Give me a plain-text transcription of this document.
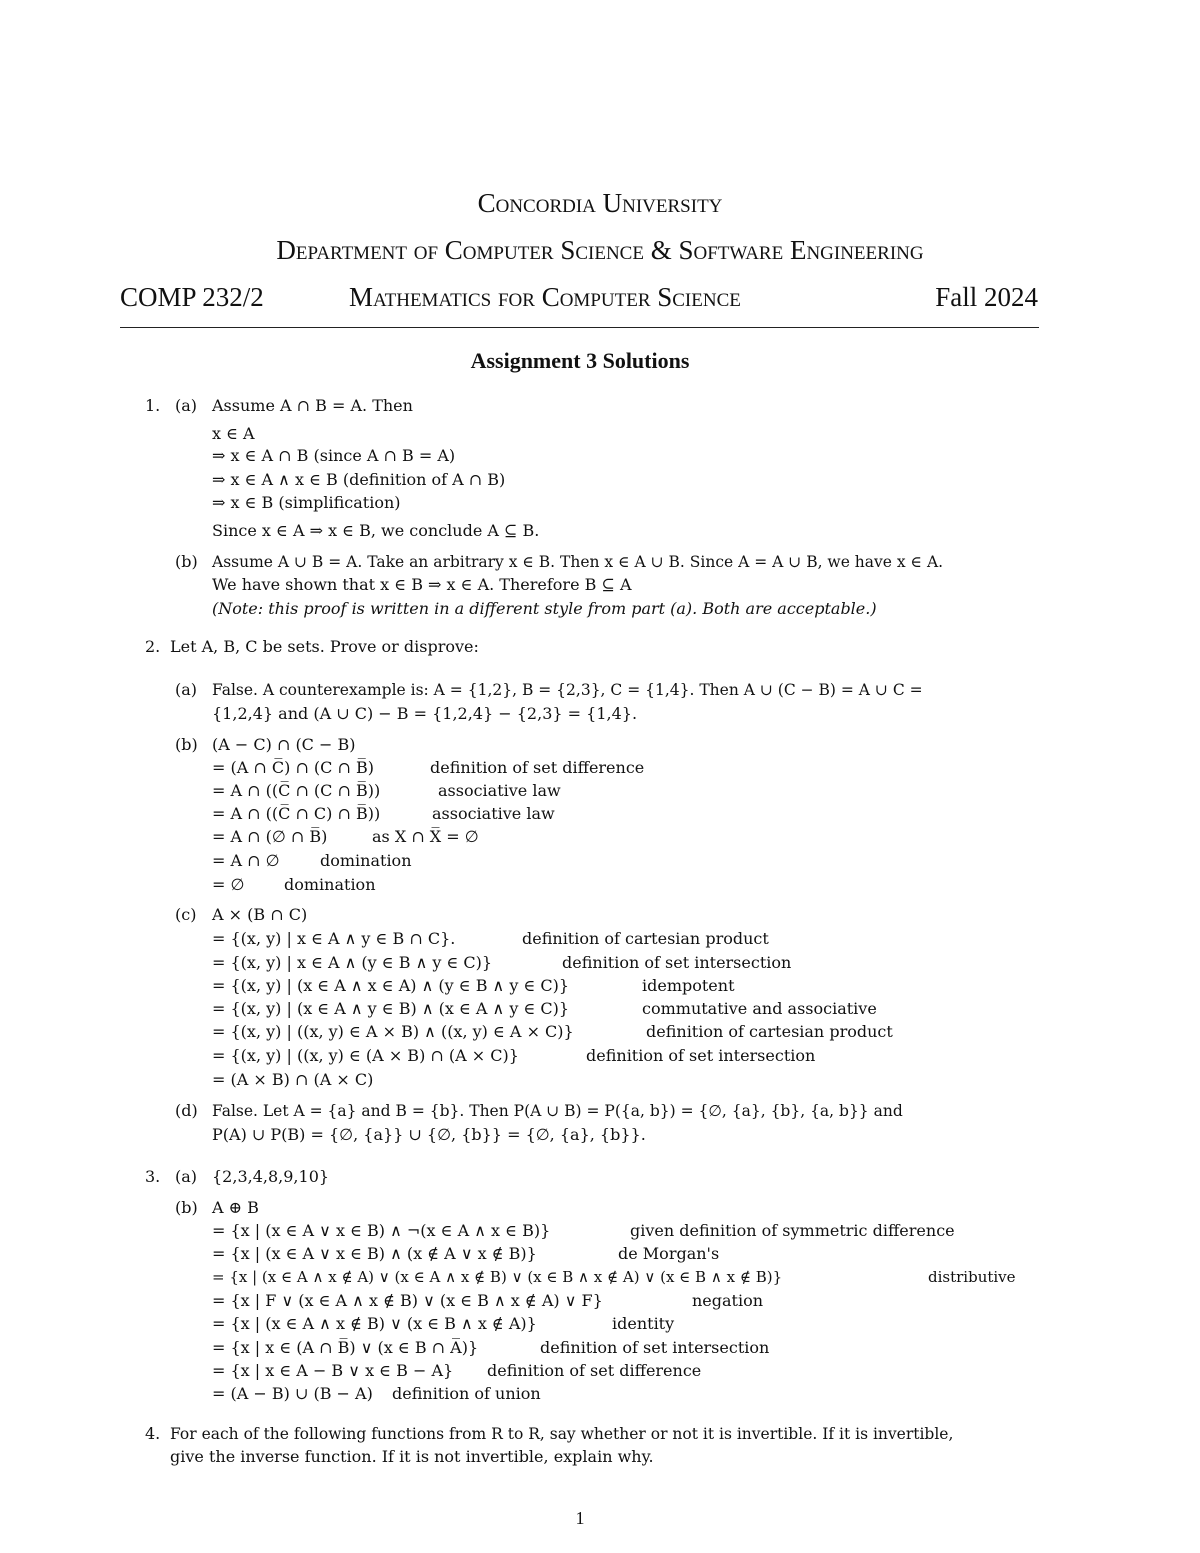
Concordia University
Department of Computer Science & Software Engineering
COMP 232/2	Mathematics for Computer Science	Fall 2024
Assignment 3 Solutions
1. (a) Assume A ∩ B = A. Then
x ∈ A
⇒ x ∈ A ∩ B (since A ∩ B = A)
⇒ x ∈ A ∧ x ∈ B (definition of A ∩ B)
⇒ x ∈ B (simplification)
Since x ∈ A ⇒ x ∈ B, we conclude A ⊆ B.
(b) Assume A ∪ B = A. Take an arbitrary x ∈ B. Then x ∈ A ∪ B. Since A = A ∪ B, we have x ∈ A.
We have shown that x ∈ B ⇒ x ∈ A. Therefore B ⊆ A
(Note: this proof is written in a different style from part (a). Both are acceptable.)
2. Let A, B, C be sets. Prove or disprove:
(a) False. A counterexample is: A = {1,2}, B = {2,3}, C = {1,4}. Then A ∪ (C − B) = A ∪ C =
{1,2,4} and (A ∪ C) − B = {1,2,4} − {2,3} = {1,4}.
(b) (A − C) ∩ (C − B)
= (A ∩ C̅) ∩ (C ∩ B̅)	definition of set difference
= A ∩ ((C̅ ∩ (C ∩ B̅))	associative law
= A ∩ ((C̅ ∩ C) ∩ B̅))	associative law
= A ∩ (∅ ∩ B̅)	as X ∩ X̅ = ∅
= A ∩ ∅	domination
= ∅ domination
(c) A × (B ∩ C)
= {(x, y) | x ∈ A ∧ y ∈ B ∩ C}.	definition of cartesian product
= {(x, y) | x ∈ A ∧ (y ∈ B ∧ y ∈ C)}	definition of set intersection
= {(x, y) | (x ∈ A ∧ x ∈ A) ∧ (y ∈ B ∧ y ∈ C)}	idempotent
= {(x, y) | (x ∈ A ∧ y ∈ B) ∧ (x ∈ A ∧ y ∈ C)}	commutative and associative
= {(x, y) | ((x, y) ∈ A × B) ∧ ((x, y) ∈ A × C)}	definition of cartesian product
= {(x, y) | ((x, y) ∈ (A × B) ∩ (A × C)}	definition of set intersection
= (A × B) ∩ (A × C)
(d) False. Let A = {a} and B = {b}. Then P(A ∪ B) = P({a, b}) = {∅, {a}, {b}, {a, b}} and
P(A) ∪ P(B) = {∅, {a}} ∪ {∅, {b}} = {∅, {a}, {b}}.
3. (a) {2,3,4,8,9,10}
(b) A ⊕ B
= {x | (x ∈ A ∨ x ∈ B) ∧ ¬(x ∈ A ∧ x ∈ B)}	given definition of symmetric difference
= {x | (x ∈ A ∨ x ∈ B) ∧ (x ∉ A ∨ x ∉ B)}	de Morgan's
= {x | (x ∈ A ∧ x ∉ A) ∨ (x ∈ A ∧ x ∉ B) ∨ (x ∈ B ∧ x ∉ A) ∨ (x ∈ B ∧ x ∉ B)}	distributive
= {x | F ∨ (x ∈ A ∧ x ∉ B) ∨ (x ∈ B ∧ x ∉ A) ∨ F}	negation
= {x | (x ∈ A ∧ x ∉ B) ∨ (x ∈ B ∧ x ∉ A)}	identity
= {x | x ∈ (A ∩ B̅) ∨ (x ∈ B ∩ A̅)}	definition of set intersection
= {x | x ∈ A − B ∨ x ∈ B − A} definition of set difference
= (A − B) ∪ (B − A) definition of union
4. For each of the following functions from R to R, say whether or not it is invertible. If it is invertible,
give the inverse function. If it is not invertible, explain why.
1
